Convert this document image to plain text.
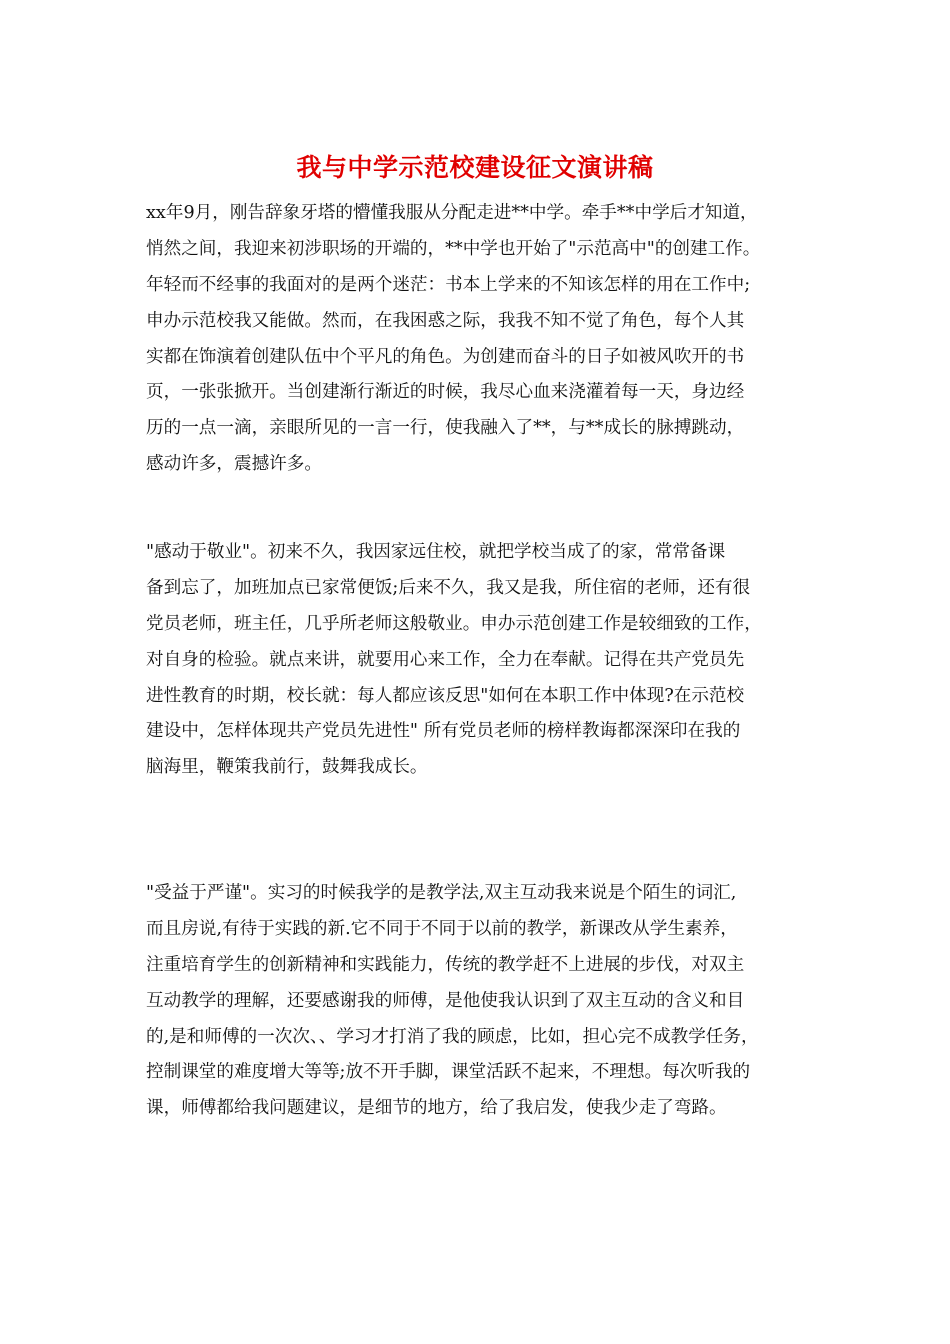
我与中学示范校建设征文演讲稿
xx年9月，刚告辞象牙塔的懵懂我服从分配走进**中学。牵手**中学后才知道，
悄然之间，我迎来初涉职场的开端的，**中学也开始了"示范高中"的创建工作。
年轻而不经事的我面对的是两个迷茫：书本上学来的不知该怎样的用在工作中;
申办示范校我又能做。然而，在我困惑之际，我我不知不觉了角色，每个人其
实都在饰演着创建队伍中个平凡的角色。为创建而奋斗的日子如被风吹开的书
页，一张张掀开。当创建渐行渐近的时候，我尽心血来浇灌着每一天，身边经
历的一点一滴，亲眼所见的一言一行，使我融入了**，与**成长的脉搏跳动，
感动许多，震撼许多。
"感动于敬业"。初来不久，我因家远住校，就把学校当成了的家，常常备课
备到忘了，加班加点已家常便饭;后来不久，我又是我，所住宿的老师，还有很
党员老师，班主任，几乎所老师这般敬业。申办示范创建工作是较细致的工作，
对自身的检验。就点来讲，就要用心来工作，全力在奉献。记得在共产党员先
进性教育的时期，校长就：每人都应该反思"如何在本职工作中体现?在示范校
建设中，怎样体现共产党员先进性" 所有党员老师的榜样教诲都深深印在我的
脑海里，鞭策我前行，鼓舞我成长。
"受益于严谨"。实习的时候我学的是教学法,双主互动我来说是个陌生的词汇,
而且房说,有待于实践的新.它不同于不同于以前的教学，新课改从学生素养，
注重培育学生的创新精神和实践能力，传统的教学赶不上进展的步伐，对双主
互动教学的理解，还要感谢我的师傅，是他使我认识到了双主互动的含义和目
的,是和师傅的一次次、、学习才打消了我的顾虑，比如，担心完不成教学任务，
控制课堂的难度增大等等;放不开手脚，课堂活跃不起来，不理想。每次听我的
课，师傅都给我问题建议，是细节的地方，给了我启发，使我少走了弯路。
